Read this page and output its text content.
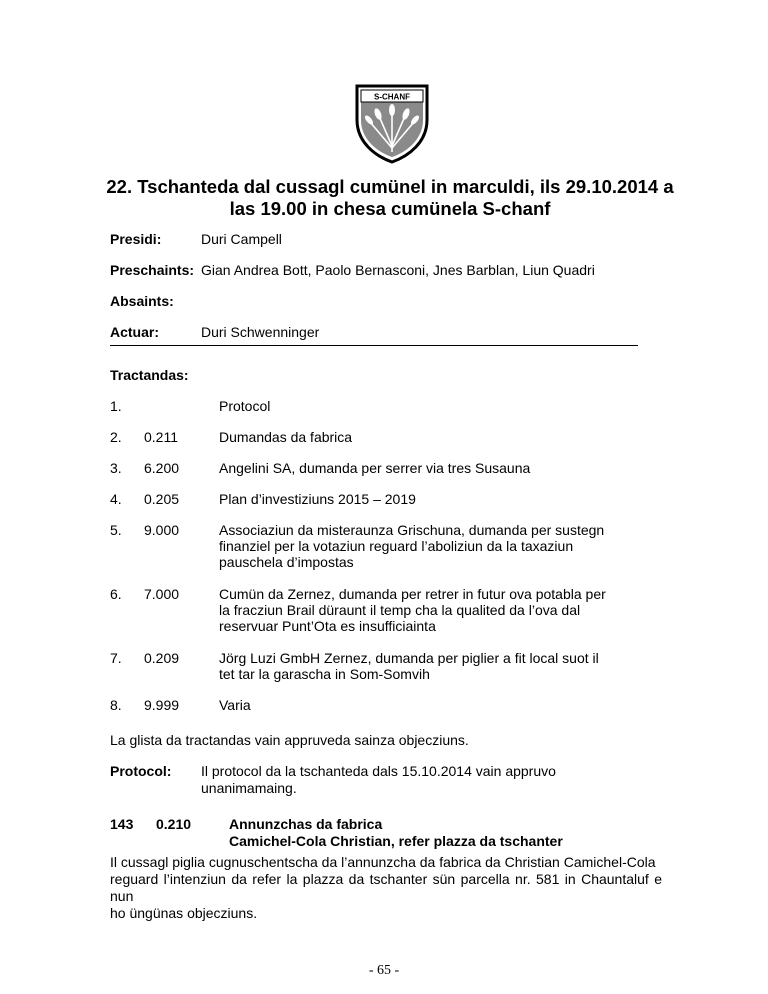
S-CHANF
22. Tschanteda dal cussagl cumünel in marculdi, ils 29.10.2014 a
las 19.00 in chesa cumünela S-chanf
Presidi:	Duri Campell
Preschaints: Gian Andrea Bott, Paolo Bernasconi, Jnes Barblan, Liun Quadri
Absaints:
Actuar:	Duri Schwenninger
Tractandas:
1.	Protocol
2. 0.211	Dumandas da fabrica
3. 6.200	Angelini SA, dumanda per serrer via tres Susauna
4. 0.205	Plan d’investiziuns 2015 – 2019
5. 9.000	Associaziun da misteraunza Grischuna, dumanda per sustegn
finanziel per la votaziun reguard l’aboliziun da la taxaziun
pauschela d’impostas
6. 7.000	Cumün da Zernez, dumanda per retrer in futur ova potabla per
la fracziun Brail düraunt il temp cha la qualited da l’ova dal
reservuar Punt’Ota es insufficiainta
7. 0.209	Jörg Luzi GmbH Zernez, dumanda per piglier a fit local suot il
tet tar la garascha in Som-Somvih
8. 9.999	Varia
La glista da tractandas vain appruveda sainza objecziuns.
Protocol: Il protocol da la tschanteda dals 15.10.2014 vain appruvo
unanimamaing.
143 0.210	Annunzchas da fabrica
Camichel-Cola Christian, refer plazza da tschanter
Il cussagl piglia cugnuschentscha da l’annunzcha da fabrica da Christian Camichel-Cola
reguard l’intenziun da refer la plazza da tschanter sün parcella nr. 581 in Chauntaluf e nun
ho üngünas objecziuns.
- 65 -
